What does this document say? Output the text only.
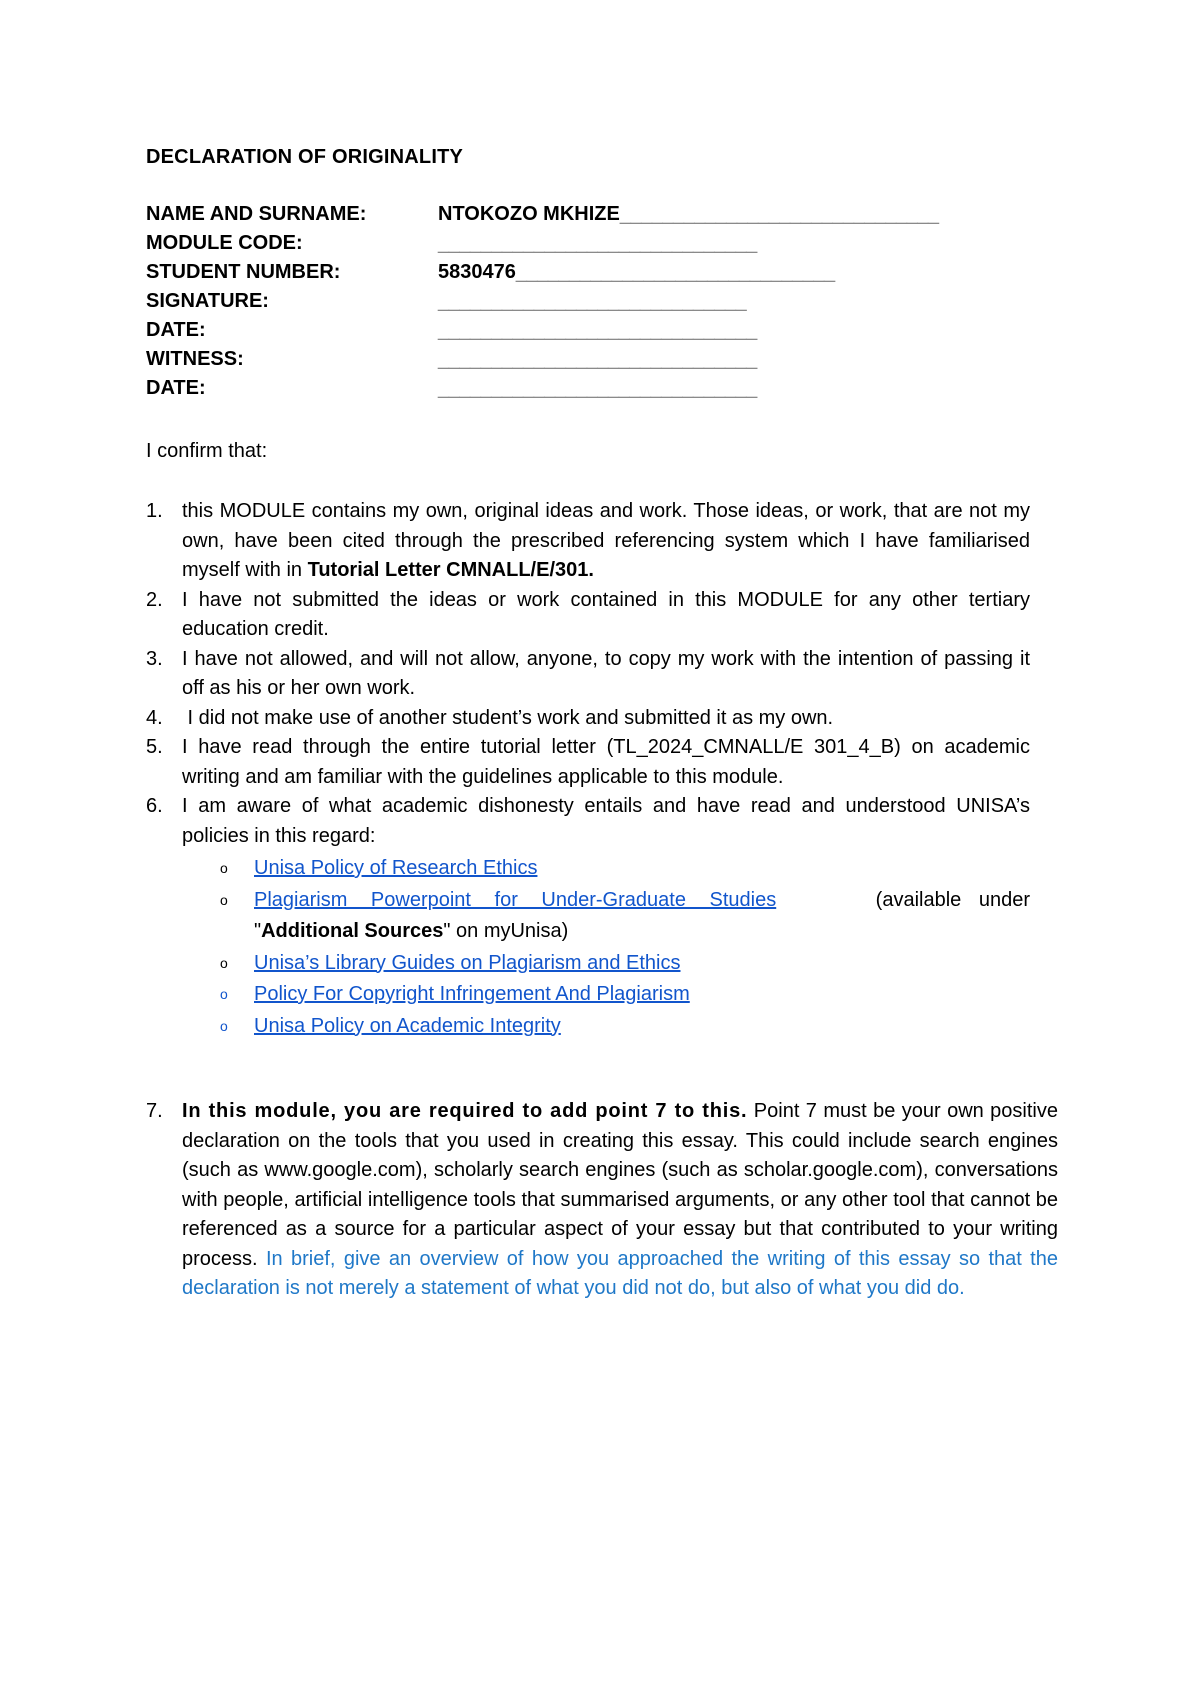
DECLARATION OF ORIGINALITY
NAME AND SURNAME:	NTOKOZO MKHIZE ______________________________
MODULE CODE:	______________________________
STUDENT NUMBER:	5830476 ______________________________
SIGNATURE:	_____________________________
DATE:	______________________________
WITNESS:	______________________________
DATE:	______________________________
I confirm that:
1. this MODULE contains my own, original ideas and work. Those ideas, or work, that are not my own, have been cited through the prescribed referencing system which I have familiarised myself with in Tutorial Letter CMNALL/E/301.
2. I have not submitted the ideas or work contained in this MODULE for any other tertiary education credit.
3. I have not allowed, and will not allow, anyone, to copy my work with the intention of passing it off as his or her own work.
4. I did not make use of another student’s work and submitted it as my own.
5. I have read through the entire tutorial letter (TL_2024_CMNALL/E 301_4_B) on academic writing and am familiar with the guidelines applicable to this module.
6. I am aware of what academic dishonesty entails and have read and understood UNISA’s policies in this regard:
o	Unisa Policy of Research Ethics
o	Plagiarism Powerpoint for Under-Graduate Studies	(available under
"Additional Sources" on myUnisa)
o	Unisa’s Library Guides on Plagiarism and Ethics
o	Policy For Copyright Infringement And Plagiarism
o	Unisa Policy on Academic Integrity
7. In this module, you are required to add point 7 to this. Point 7 must be your own positive declaration on the tools that you used in creating this essay. This could include search engines (such as www.google.com), scholarly search engines (such as scholar.google.com), conversations with people, artificial intelligence tools that summarised arguments, or any other tool that cannot be referenced as a source for a particular aspect of your essay but that contributed to your writing process. In brief, give an overview of how you approached the writing of this essay so that the declaration is not merely a statement of what you did not do, but also of what you did do.
